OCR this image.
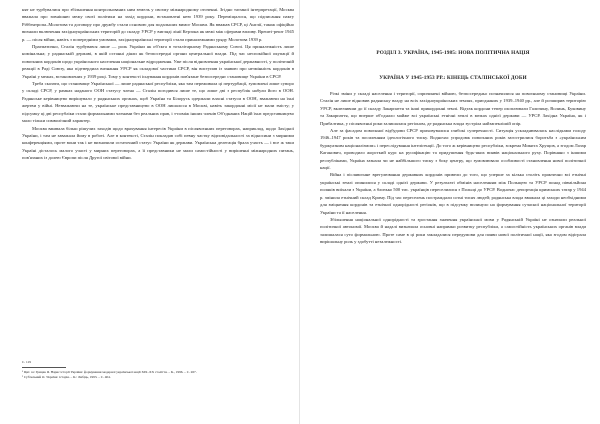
нят не турбувалися про збільшення контрольованих ним земель у своєму міжнародному оточенні. Згідно таємної інтерпретації, Москва вважала про зовнішню межу своєї політики на захід кордони, встановлені нею 1939 року. Переміщалося, що підписання пакту Ріббентропа–Молотова та договору про дружбу стали основою для подальших вимог Москви. Як вважав СРСР, ці Англії, також офіційно визнали включення західноукраїнських територій до складу УРСР у вигляді лінії Керзона як межі між сферами впливу. Врешті-решт 1945 р. — після війни, навіть з попередніми умовами, західноукраїнські території стали приналежними уряду Молотова 1939 р.

Прагматично, Сталін турбувався лише — роль України як об'єкта в тоталітарному Радянському Союзі. Ця приналежність лише номінальна; у радянській державі, в якій останні діяли як безпосередні органи центральної влади. Під час неспокійної окупації й повоєнних кордонів щодо українського населення національне відродження. Уже після відновлення української державності, у політичній реакції в Раді Союзу, яка підтвердила визнання УРСР як складової частини СРСР, він виступив із заявою про незмінність кордонів в Україні у межах, встановлених у 1939 році. Тому у контексті існування кордонів пов'язане безпосереднє становище України в СРСР.

Треба сказати, що становище Української — лише радянської республіки, яка там переживала ці пертурбації, зумовлені лише суворо у складі СРСР, у рамках наданого ООН статусу члена — Сталін погодився лише те, що лише дві з республік набули його в ООН. Радянське керівництво вирішувало у радянських органах, щоб Україна та Білорусь одержали власні статуси в ООН, зважаючи на їхні жертви у війні. Незважаючи на те, українське представництво в ООН лишалося в Москві, навіть закордонні місії не мали змісту; у підсумку ці дві республіки стали формальними членами без реальних прав, і з-поміж інших членів Об'єднаних Націй їхнє представництво мало тільки символічний характер.

Москва вживала більш рішучих заходів щодо врахування інтересів України в післявоєнних переговорах, наприклад, щодо Західної України, і там не заважала йому в роботі. Але в контексті, Сталін покладав собі певну частку відповідальності за відносини з мирними конференціями, проте вони так і не визначили остаточний статус України як держави. Українська делегація брала участь — і все ж таки Україні дісталось малого участі у мирних переговорах, а її представники не мали самостійності у вирішенні міжнародних питань, пов'язаних із долею Європи після Другої світової війни.

С. 119

¹ Цит. за: Грицак Я. Нарис історії України: формування модерної української нації XIX–XX століття. – К., 1996. – С. 267.

² Субтельний О. Україна: історія. – К.: Либідь, 1993. – С. 404.

РОЗДІЛ 3. УКРАЇНА, 1945-1985: НОВА ПОЛІТИЧНА НАЦІЯ
УКРАЇНА У 1945-1953 РР.: КІНЕЦЬ СТАЛІНСЬКОЇ ДОБИ

Різкі зміни у складі населення і території, спричинені війною, безпосередньо позначилися на повоєнному становищі України. Сталін не лише відновив радянську владу на всіх західноукраїнських землях, приєднаних у 1939–1940 рр., але й розширив територію УРСР, включивши до її складу Закарпаття та інші прикордонні землі. Відтак кордони тепер охоплювали Галичину, Волинь, Буковину та Закарпаття, що вперше об'єднало майже всі українські етнічні землі в межах однієї держави — УРСР. Західна Україна, як і Прибалтика, у післявоєнні роки залишалася регіоном, де радянська влада зустріла найзапеклішій опір.

Але за фасадом повоєнної відбудови СРСР приховувалися глибокі суперечності. Ситуація ускладнювалась наслідками голоду 1946–1947 років та посиленням ідеологічного тиску. Водночас упродовж повоєнних років загострилися боротьба з «українським буржуазним націоналізмом» і переслідування інтелігенції. До того ж керівництво республіки, зокрема Микита Хрущов, а згодом Лазар Каганович, проводило жорсткий курс на русифікацію та придушення будь-яких виявів національного руху. Порівняно з іншими республіками, Україна зазнала чи не найбільшого тиску з боку центру, що зумовлювало особливості становлення нової політичної нації.

Війна і післявоєнне врегулювання державних кордонів привели до того, що уперше за кілька століть практично всі етнічні українські землі опинилися у складі однієї держави. У результаті обмінів населенням між Польщею та УРСР понад півмільйона поляків виїхали з України, а близько 500 тис. українців переселилися з Польщі до УРСР. Водночас депортація кримських татар у 1944 р. змінила етнічний склад Криму. Під час переселень постраждали сотні тисяч людей; радянська влада вважала ці заходи необхідними для зміцнення кордонів та етнічної однорідності регіонів, що в підсумку вплинуло на формування сучасної національної території України та її населення.

Збільшення національної однорідності та зростання значення української мови у Радянській Україні не означали реальної політичної автономії. Москва й надалі визначала основні напрямки розвитку республіки, а самостійність українських органів влади залишалася суто формальною. Проте саме в ці роки закладалися передумови для появи нової політичної нації, яка згодом відіграла вирішальну роль у здобутті незалежності.
